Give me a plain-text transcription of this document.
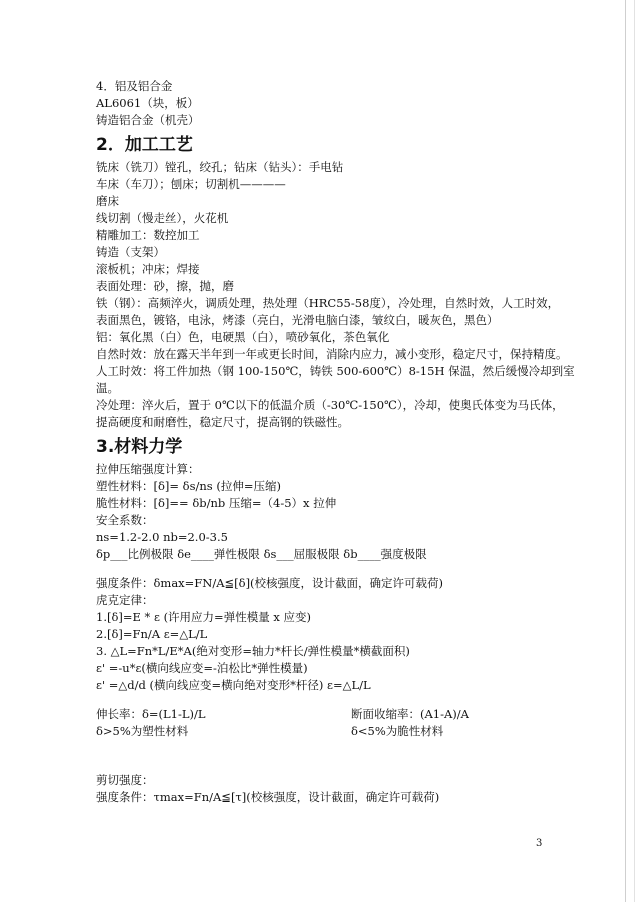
4．铝及铝合金
AL6061（块，板）
铸造铝合金（机壳）
2．加工工艺
铣床（铣刀）镗孔，绞孔；钻床（钻头）：手电钻
车床（车刀）；刨床；切割机————
磨床
线切割（慢走丝），火花机
精雕加工：数控加工
铸造（支架）
滚板机；冲床；焊接
表面处理：砂，擦，抛，磨
铁（钢）：高频淬火，调质处理，热处理（HRC55-58度），冷处理，自然时效，人工时效，
表面黑色，镀铬，电泳，烤漆（亮白，光滑电脑白漆，皱纹白，暖灰色，黑色）
铝：氧化黑（白）色，电硬黑（白），喷砂氧化，茶色氧化
自然时效：放在露天半年到一年或更长时间，消除内应力，减小变形，稳定尺寸，保持精度。
人工时效：将工件加热（钢 100-150℃，铸铁 500-600℃）8-15H 保温，然后缓慢冷却到室
温。
冷处理：淬火后，置于 0℃以下的低温介质（-30℃-150℃），冷却，使奥氏体变为马氏体，
提高硬度和耐磨性，稳定尺寸，提高钢的铁磁性。
3.材料力学
拉伸压缩强度计算：
塑性材料：[δ]= δs/ns (拉伸=压缩)
脆性材料：[δ]== δb/nb 压缩=（4-5）x 拉伸
安全系数：
ns=1.2-2.0 nb=2.0-3.5
δp___比例极限 δe____弹性极限 δs___屈服极限 δb____强度极限
强度条件：δmax=FN/A≦[δ](校核强度，设计截面，确定许可载荷)
虎克定律：
1.[δ]=E * ε (许用应力=弹性模量 x 应变)
2.[δ]=Fn/A ε=△L/L
3. △L=Fn*L/E*A(绝对变形=轴力*杆长/弹性模量*横截面积)
ε' =-u*ε(横向线应变=-泊松比*弹性模量)
ε' =△d/d (横向线应变=横向绝对变形*杆径) ε=△L/L
伸长率：δ=(L1-L)/L	断面收缩率：(A1-A)/A
δ>5%为塑性材料	δ<5%为脆性材料
剪切强度：
强度条件：τmax=Fn/A≦[τ](校核强度，设计截面，确定许可载荷)
3
